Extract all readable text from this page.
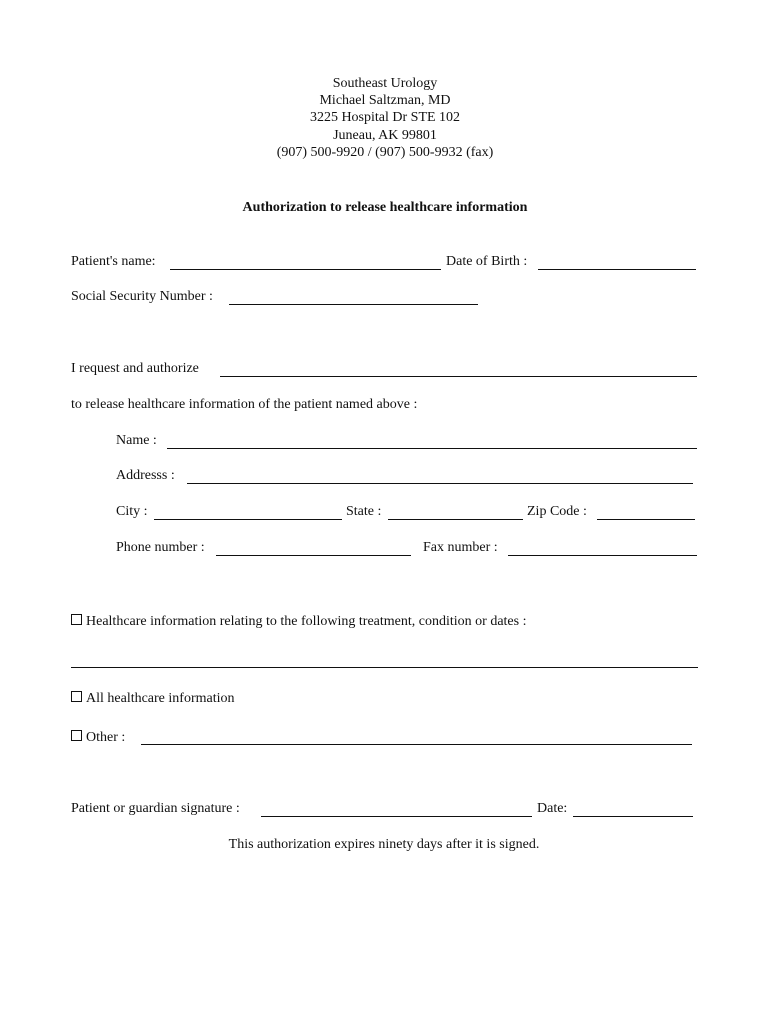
Southeast Urology
Michael Saltzman, MD
3225 Hospital Dr STE 102
Juneau, AK 99801
(907) 500-9920 / (907) 500-9932 (fax)
Authorization to release healthcare information
Patient's name:	Date of Birth :
Social Security Number :
I request and authorize
to release healthcare information of the patient named above :
Name :
Addresss :
City :	State :	Zip Code :
Phone number :	Fax number :
Healthcare information relating to the following treatment, condition or dates :
All healthcare information
Other :
Patient or guardian signature :	Date:
This authorization expires ninety days after it is signed.
